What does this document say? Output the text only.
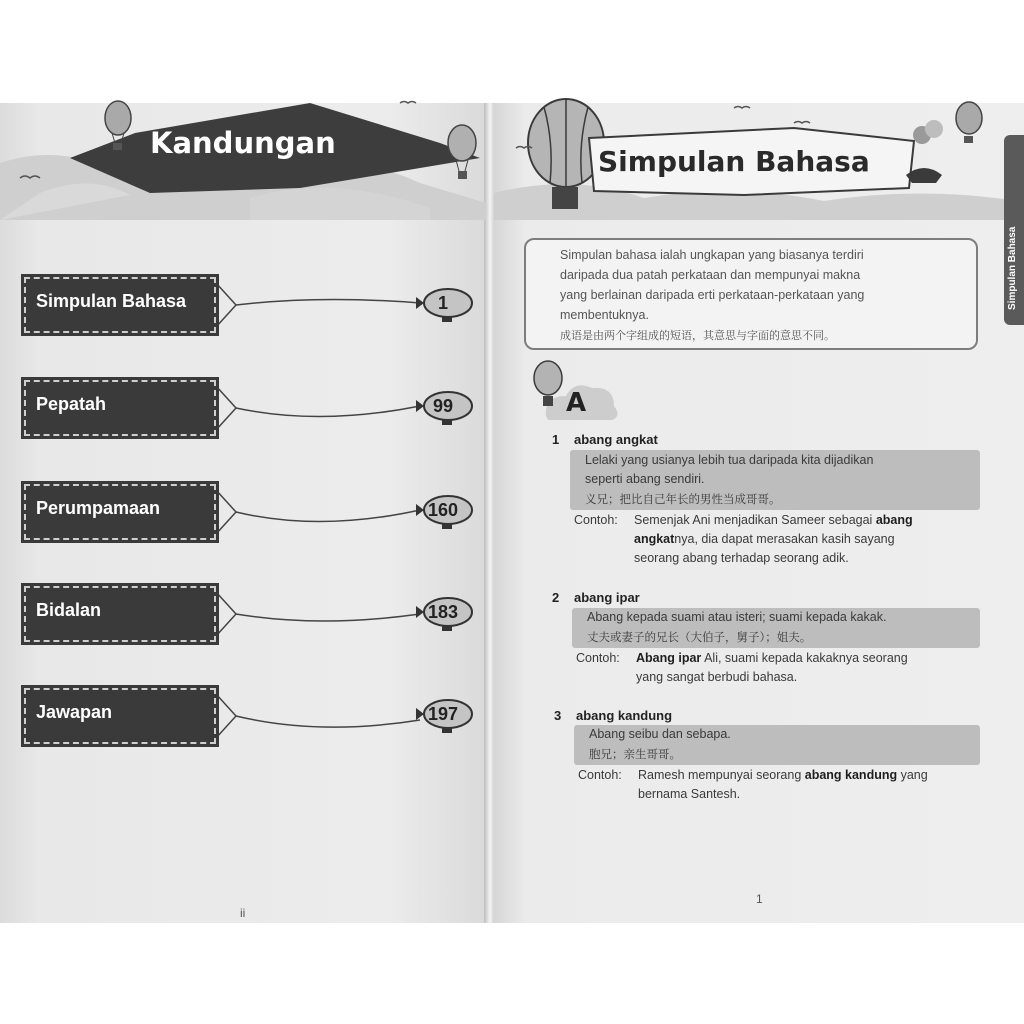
Kandungan
Simpulan Bahasa	1
Pepatah	99
Perumpamaan	160
Bidalan	183
Jawapan	197
ii
Simpulan Bahasa
Simpulan Bahasa

Simpulan bahasa ialah ungkapan yang biasanya terdiri

daripada dua patah perkataan dan mempunyai makna

yang berlainan daripada erti perkataan-perkataan yang

membentuknya.

成语是由两个字组成的短语，其意思与字面的意思不同。

A
1 abang angkat
Lelaki yang usianya lebih tua daripada kita dijadikan
seperti abang sendiri.
义兄；把比自己年长的男性当成哥哥。
Contoh: Semenjak Ani menjadikan Sameer sebagai abang
angkatnya, dia dapat merasakan kasih sayang
seorang abang terhadap seorang adik.
2 abang ipar
Abang kepada suami atau isteri; suami kepada kakak.
丈夫或妻子的兄长（大伯子，舅子）；姐夫。
Contoh: Abang ipar Ali, suami kepada kakaknya seorang
yang sangat berbudi bahasa.
3 abang kandung
Abang seibu dan sebapa.
胞兄；亲生哥哥。
Contoh: Ramesh mempunyai seorang abang kandung yang
bernama Santesh.
1
